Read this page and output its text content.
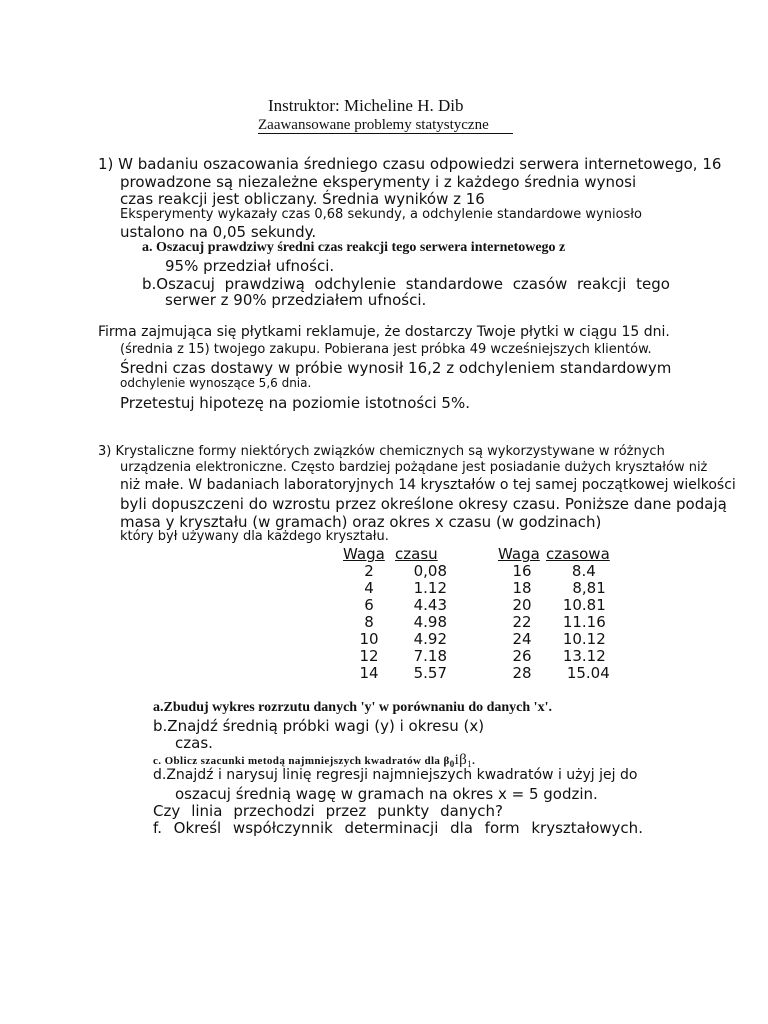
Instruktor: Micheline H. Dib
Zaawansowane problemy statystyczne
1) W badaniu oszacowania średniego czasu odpowiedzi serwera internetowego, 16
prowadzone są niezależne eksperymenty i z każdego średnia wynosi
czas reakcji jest obliczany. Średnia wyników z 16
Eksperymenty wykazały czas 0,68 sekundy, a odchylenie standardowe wyniosło
ustalono na 0,05 sekundy.
a. Oszacuj prawdziwy średni czas reakcji tego serwera internetowego z
95% przedział ufności.
b.Oszacuj prawdziwą odchylenie standardowe czasów reakcji tego
serwer z 90% przedziałem ufności.
Firma zajmująca się płytkami reklamuje, że dostarczy Twoje płytki w ciągu 15 dni.
(średnia z 15) twojego zakupu. Pobierana jest próbka 49 wcześniejszych klientów.
Średni czas dostawy w próbie wynosił 16,2 z odchyleniem standardowym
odchylenie wynoszące 5,6 dnia.
Przetestuj hipotezę na poziomie istotności 5%.
3) Krystaliczne formy niektórych związków chemicznych są wykorzystywane w różnych
urządzenia elektroniczne. Często bardziej pożądane jest posiadanie dużych kryształów niż
niż małe. W badaniach laboratoryjnych 14 kryształów o tej samej początkowej wielkości
byli dopuszczeni do wzrostu przez określone okresy czasu. Poniższe dane podają
masa y kryształu (w gramach) oraz okres x czasu (w godzinach)
który był używany dla każdego kryształu.
Waga	czasu
2	0,08
4	1.12
6	4.43
8	4.98
10	4.92
12	7.18
14	5.57
Waga	czasowa
16	8.4
18	8,81
20	10.81
22	11.16
24	10.12
26	13.12
28	15.04
a.Zbuduj wykres rozrzutu danych 'y' w porównaniu do danych 'x'.
b.Znajdź średnią próbki wagi (y) i okresu (x)
czas.
c. Oblicz szacunki metodą najmniejszych kwadratów dla $\beta_0i\beta_1$.
d.Znajdź i narysuj linię regresji najmniejszych kwadratów i użyj jej do
oszacuj średnią wagę w gramach na okres x = 5 godzin.
Czy linia przechodzi przez punkty danych?
f. Określ współczynnik determinacji dla form kryształowych.
